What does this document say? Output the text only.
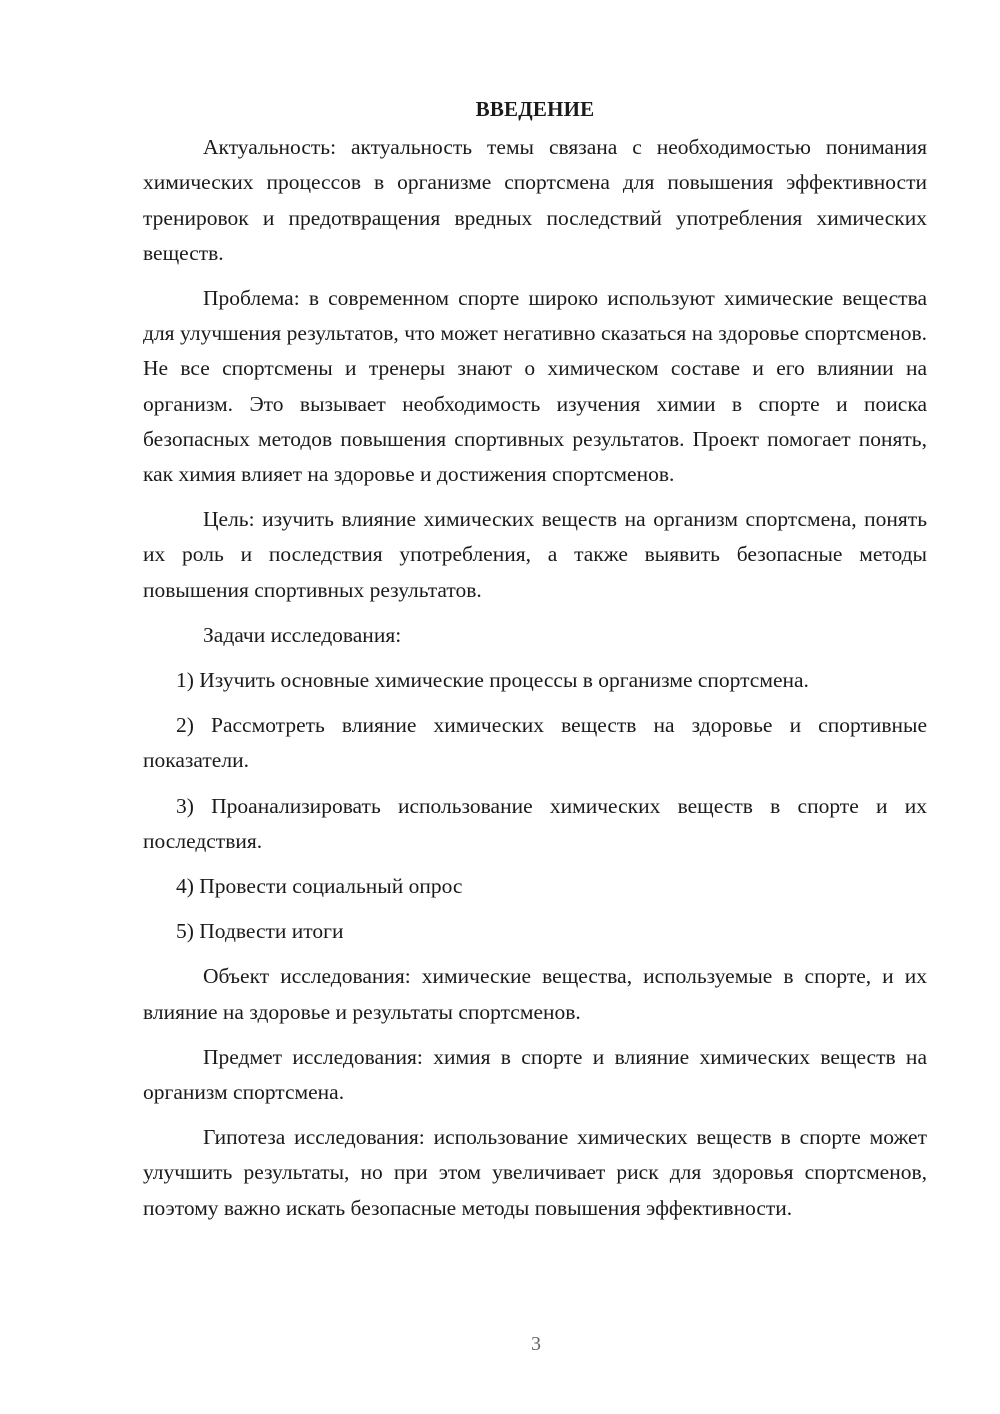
ВВЕДЕНИЕ

Актуальность: актуальность темы связана с необходимостью понимания химических процессов в организме спортсмена для повышения эффективности тренировок и предотвращения вредных последствий употребления химических веществ.

Проблема: в современном спорте широко используют химические вещества для улучшения результатов, что может негативно сказаться на здоровье спортсменов. Не все спортсмены и тренеры знают о химическом составе и его влиянии на организм. Это вызывает необходимость изучения химии в спорте и поиска безопасных методов повышения спортивных результатов. Проект помогает понять, как химия влияет на здоровье и достижения спортсменов.

Цель: изучить влияние химических веществ на организм спортсмена, понять их роль и последствия употребления, а также выявить безопасные методы повышения спортивных результатов.

Задачи исследования:

1) Изучить основные химические процессы в организме спортсмена.

2) Рассмотреть влияние химических веществ на здоровье и спортивные показатели.

3) Проанализировать использование химических веществ в спорте и их последствия.

4) Провести социальный опрос

5) Подвести итоги

Объект исследования: химические вещества, используемые в спорте, и их влияние на здоровье и результаты спортсменов.

Предмет исследования: химия в спорте и влияние химических веществ на организм спортсмена.

Гипотеза исследования: использование химических веществ в спорте может улучшить результаты, но при этом увеличивает риск для здоровья спортсменов, поэтому важно искать безопасные методы повышения эффективности.

3
